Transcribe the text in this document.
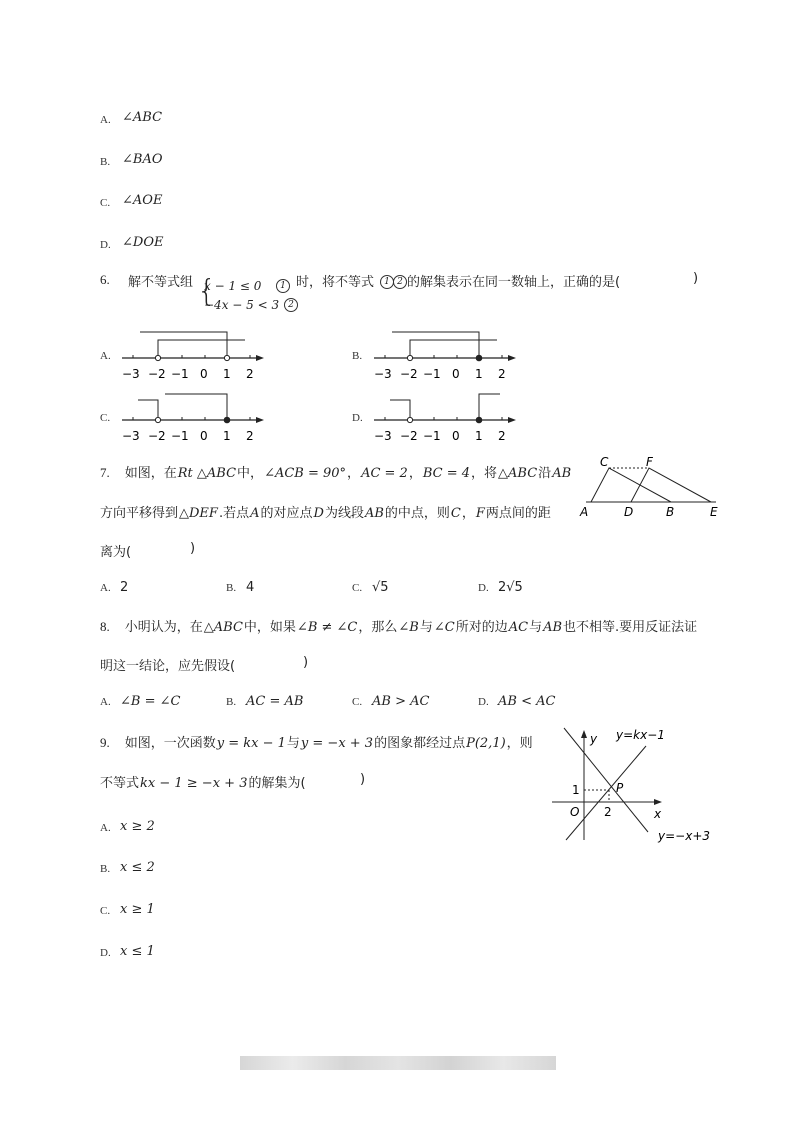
A. ∠ABC
B. ∠BAO
C. ∠AOE
D. ∠DOE
6. 解不等式组 {
x − 1 ≤ 0	1
−4x − 5 < 3	2
时，将不等式	1 2 的解集表示在同一数轴上，正确的是(	)
A.	B.
C.	D.
−3 −2 −1 0 1 2	−3 −2 −1 0 1 2
−3 −2 −1 0 1 2	−3 −2 −1 0 1 2
7. 如图，在 Rt △ABC 中， ∠ACB = 90° ， AC = 2 ， BC = 4 ，将 △ABC 沿 AB
方向平移得到 △DEF .若点 A 的对应点 D 为线段 AB 的中点，则 C ， F 两点间的距
离为(	)
C	F
A	D	B	E
A. 2	B. 4	C. √5	D. 2√5
8. 小明认为，在 △ABC 中，如果 ∠B ≠ ∠C ，那么 ∠B 与 ∠C 所对的边 AC 与 AB 也不相等.要用反证法证
明这一结论，应先假设(	)
A. ∠B = ∠C	B. AC = AB	C. AB > AC	D. AB < AC
9. 如图，一次函数 y = kx − 1 与 y = −x + 3 的图象都经过点 P(2,1) ，则
不等式 kx − 1 ≥ −x + 3 的解集为(	)
y
x
y=kx−1
y=−x+3
1
2
O
P
A. x ≥ 2
B. x ≤ 2
C. x ≥ 1
D. x ≤ 1
